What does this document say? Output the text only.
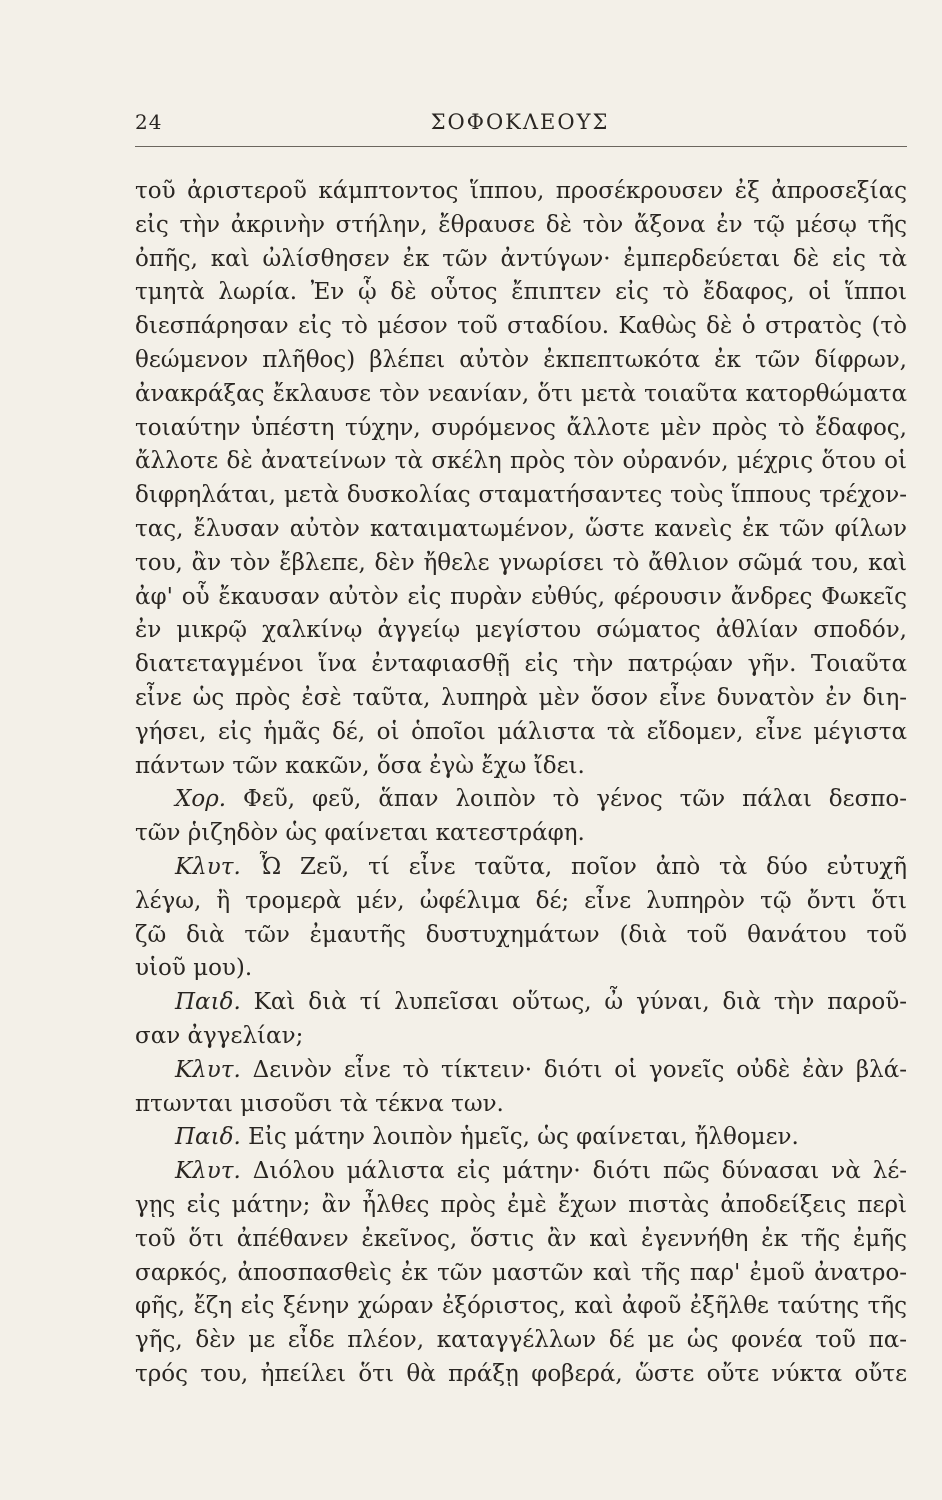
24	ΣΟΦΟΚΛΕΟΥΣ
τοῦ ἀριστεροῦ κάμπτοντος ἵππου, προσέκρουσεν ἐξ ἀπροσεξίας
εἰς τὴν ἀκρινὴν στήλην, ἔθραυσε δὲ τὸν ἄξονα ἐν τῷ μέσῳ τῆς
ὀπῆς, καὶ ὠλίσθησεν ἐκ τῶν ἀντύγων· ἐμπερδεύεται δὲ εἰς τὰ
τμητὰ λωρία. Ἐν ᾧ δὲ οὗτος ἔπιπτεν εἰς τὸ ἔδαφος, οἱ ἵπποι
διεσπάρησαν εἰς τὸ μέσον τοῦ σταδίου. Καθὼς δὲ ὁ στρατὸς (τὸ
θεώμενον πλῆθος) βλέπει αὐτὸν ἐκπεπτωκότα ἐκ τῶν δίφρων,
ἀνακράξας ἔκλαυσε τὸν νεανίαν, ὅτι μετὰ τοιαῦτα κατορθώματα
τοιαύτην ὑπέστη τύχην, συρόμενος ἄλλοτε μὲν πρὸς τὸ ἔδαφος,
ἄλλοτε δὲ ἀνατείνων τὰ σκέλη πρὸς τὸν οὐρανόν, μέχρις ὅτου οἱ
διφρηλάται, μετὰ δυσκολίας σταματήσαντες τοὺς ἵππους τρέχον-
τας, ἔλυσαν αὐτὸν καταιματωμένον, ὥστε κανεὶς ἐκ τῶν φίλων
του, ἂν τὸν ἔβλεπε, δὲν ἤθελε γνωρίσει τὸ ἄθλιον σῶμά του, καὶ
ἀφ' οὗ ἔκαυσαν αὐτὸν εἰς πυρὰν εὐθύς, φέρουσιν ἄνδρες Φωκεῖς
ἐν μικρῷ χαλκίνῳ ἀγγείῳ μεγίστου σώματος ἀθλίαν σποδόν,
διατεταγμένοι ἵνα ἐνταφιασθῇ εἰς τὴν πατρῴαν γῆν. Τοιαῦτα
εἶνε ὡς πρὸς ἐσὲ ταῦτα, λυπηρὰ μὲν ὅσον εἶνε δυνατὸν ἐν διη-
γήσει, εἰς ἡμᾶς δέ, οἱ ὁποῖοι μάλιστα τὰ εἴδομεν, εἶνε μέγιστα
πάντων τῶν κακῶν, ὅσα ἐγὼ ἔχω ἴδει.
Χορ. Φεῦ, φεῦ, ἅπαν λοιπὸν τὸ γένος τῶν πάλαι δεσπο-
τῶν ῥιζηδὸν ὡς φαίνεται κατεστράφη.
Κλυτ. Ὦ Ζεῦ, τί εἶνε ταῦτα, ποῖον ἀπὸ τὰ δύο εὐτυχῆ
λέγω, ἢ τρομερὰ μέν, ὠφέλιμα δέ; εἶνε λυπηρὸν τῷ ὄντι ὅτι
ζῶ διὰ τῶν ἐμαυτῆς δυστυχημάτων (διὰ τοῦ θανάτου τοῦ
υἱοῦ μου).
Παιδ. Καὶ διὰ τί λυπεῖσαι οὕτως, ὦ γύναι, διὰ τὴν παροῦ-
σαν ἀγγελίαν;
Κλυτ. Δεινὸν εἶνε τὸ τίκτειν· διότι οἱ γονεῖς οὐδὲ ἐὰν βλά-
πτωνται μισοῦσι τὰ τέκνα των.
Παιδ. Εἰς μάτην λοιπὸν ἡμεῖς, ὡς φαίνεται, ἤλθομεν.
Κλυτ. Διόλου μάλιστα εἰς μάτην· διότι πῶς δύνασαι νὰ λέ-
γῃς εἰς μάτην; ἂν ἦλθες πρὸς ἐμὲ ἔχων πιστὰς ἀποδείξεις περὶ
τοῦ ὅτι ἀπέθανεν ἐκεῖνος, ὅστις ἂν καὶ ἐγεννήθη ἐκ τῆς ἐμῆς
σαρκός, ἀποσπασθεὶς ἐκ τῶν μαστῶν καὶ τῆς παρ' ἐμοῦ ἀνατρο-
φῆς, ἔζη εἰς ξένην χώραν ἐξόριστος, καὶ ἀφοῦ ἐξῆλθε ταύτης τῆς
γῆς, δὲν με εἶδε πλέον, καταγγέλλων δέ με ὡς φονέα τοῦ πα-
τρός του, ἠπείλει ὅτι θὰ πράξῃ φοβερά, ὥστε οὔτε νύκτα οὔτε
